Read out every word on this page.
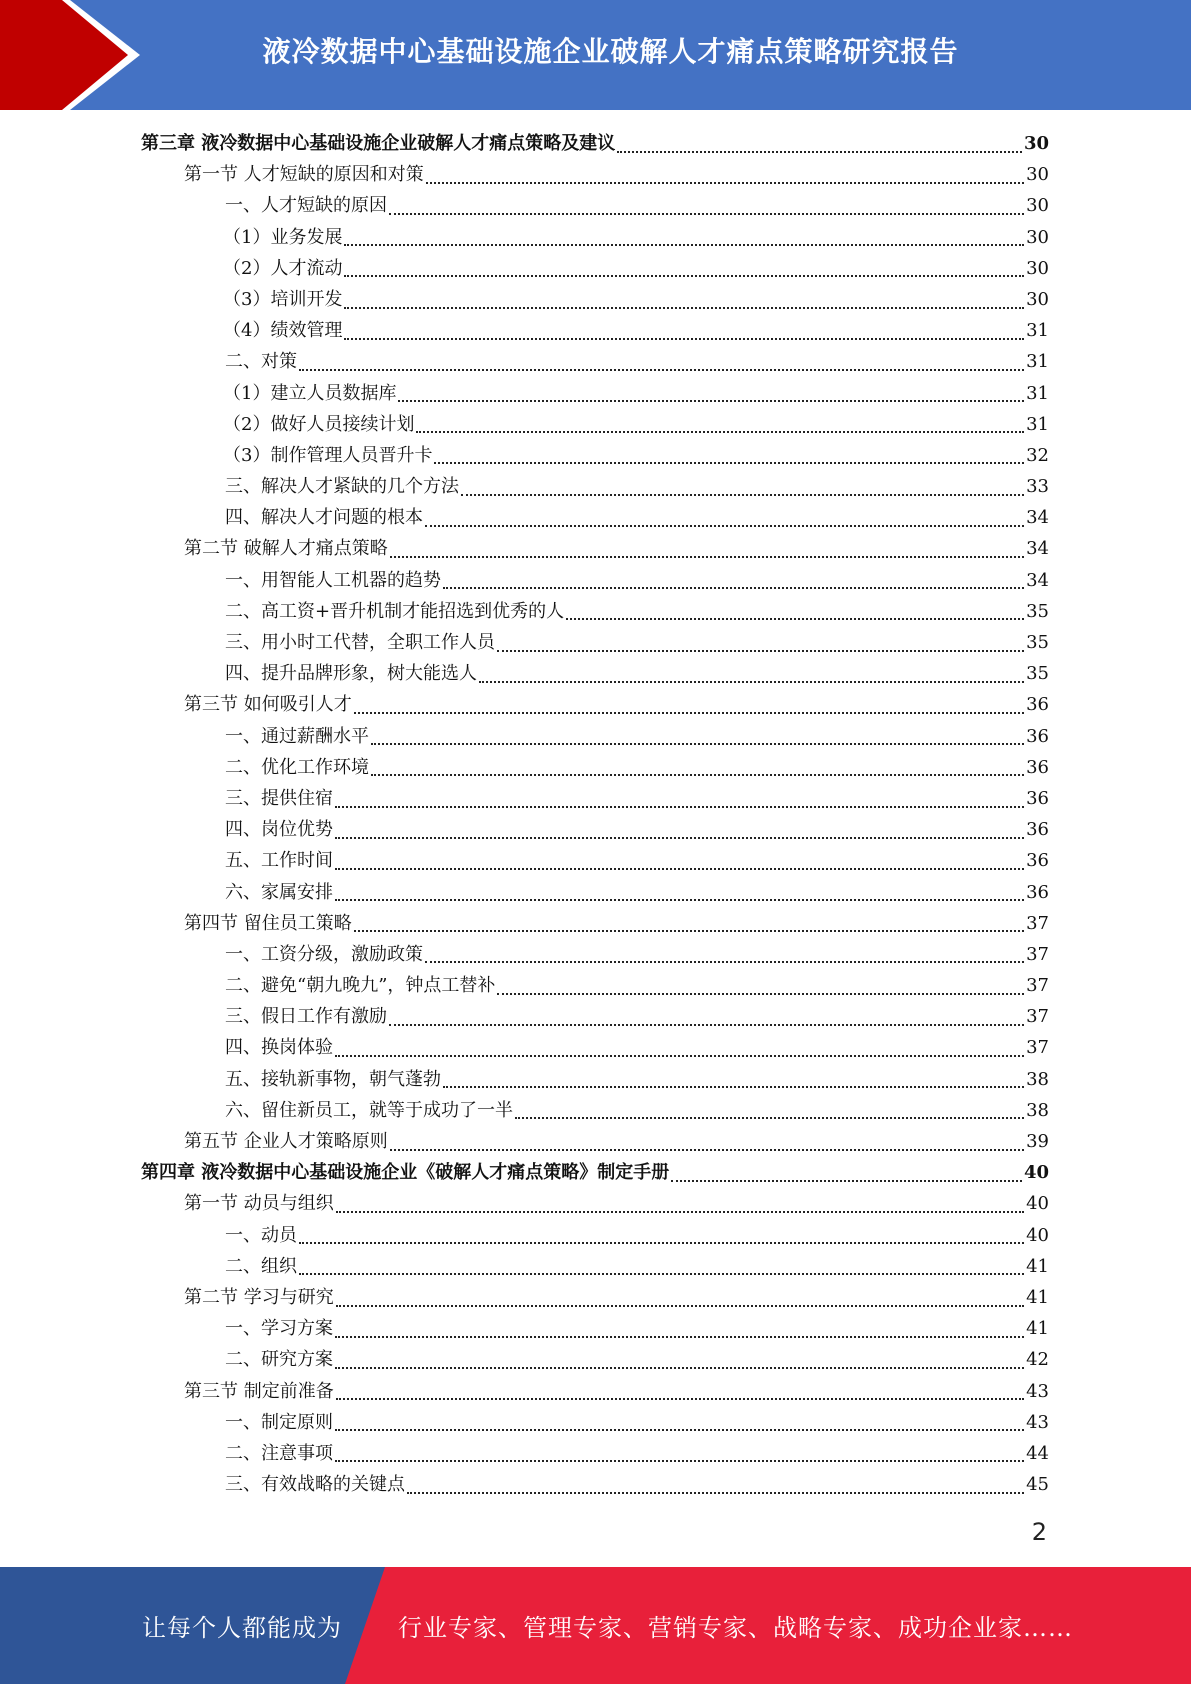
液冷数据中心基础设施企业破解人才痛点策略研究报告
第三章 液冷数据中心基础设施企业破解人才痛点策略及建议	30
第一节 人才短缺的原因和对策	30
一、人才短缺的原因	30
（1）业务发展	30
（2）人才流动	30
（3）培训开发	30
（4）绩效管理	31
二、对策	31
（1）建立人员数据库	31
（2）做好人员接续计划	31
（3）制作管理人员晋升卡	32
三、解决人才紧缺的几个方法	33
四、解决人才问题的根本	34
第二节 破解人才痛点策略	34
一、用智能人工机器的趋势	34
二、高工资+晋升机制才能招选到优秀的人	35
三、用小时工代替，全职工作人员	35
四、提升品牌形象，树大能选人	35
第三节 如何吸引人才	36
一、通过薪酬水平	36
二、优化工作环境	36
三、提供住宿	36
四、岗位优势	36
五、工作时间	36
六、家属安排	36
第四节 留住员工策略	37
一、工资分级，激励政策	37
二、避免“朝九晚九”，钟点工替补	37
三、假日工作有激励	37
四、换岗体验	37
五、接轨新事物，朝气蓬勃	38
六、留住新员工，就等于成功了一半	38
第五节 企业人才策略原则	39
第四章 液冷数据中心基础设施企业《破解人才痛点策略》制定手册	40
第一节 动员与组织	40
一、动员	40
二、组织	41
第二节 学习与研究	41
一、学习方案	41
二、研究方案	42
第三节 制定前准备	43
一、制定原则	43
二、注意事项	44
三、有效战略的关键点	45
2
让每个人都能成为 行业专家、管理专家、营销专家、战略专家、成功企业家……
